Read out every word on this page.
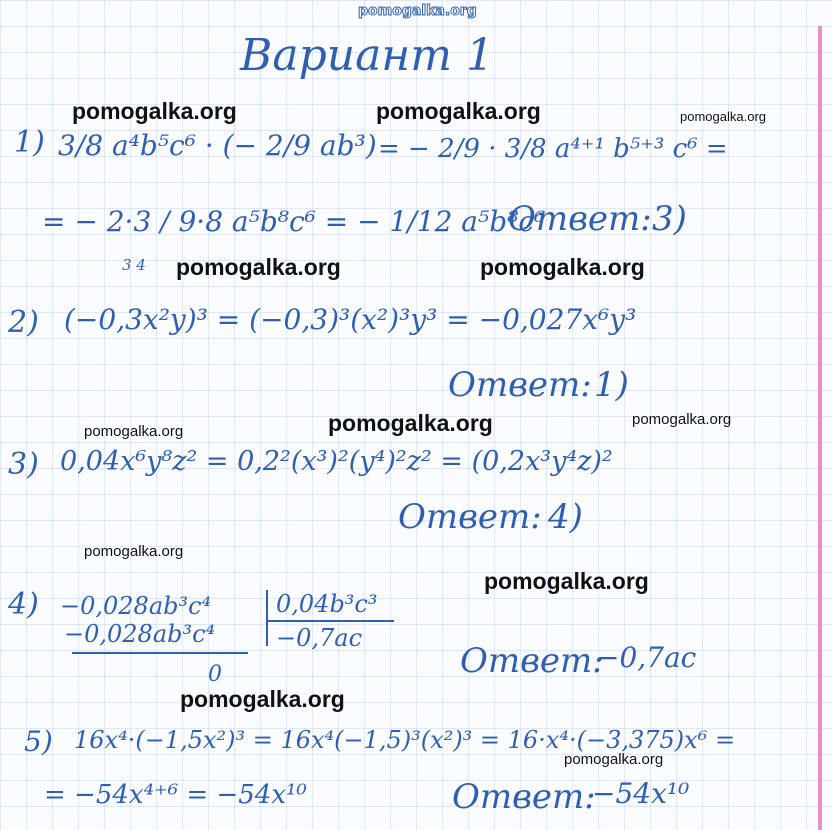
pomogalka.org
Вариант 1
1) 3/8 a⁴b⁵c⁶ · (− 2/9 ab³) = − 2/9 · 3/8 a⁴⁺¹ b⁵⁺³ c⁶ =
= − 2·3 / 9·8 a⁵b⁸c⁶ = − 1/12 a⁵b⁸c⁶
3 4
Ответ: 3)
2) (−0,3x²y)³ = (−0,3)³(x²)³y³ = −0,027x⁶y³
Ответ: 1)
3) 0,04x⁶y⁸z² = 0,2²(x³)²(y⁴)²z² = (0,2x³y⁴z)²
Ответ: 4)
4) −0,028ab³c⁴
−0,028ab³c⁴
0
0,04b³c³
−0,7ac
Ответ:
−0,7ac
5) 16x⁴·(−1,5x²)³ = 16x⁴(−1,5)³(x²)³ = 16·x⁴·(−3,375)x⁶ =
= −54x⁴⁺⁶ = −54x¹⁰	Ответ:
−54x¹⁰
pomogalka.org	pomogalka.org	pomogalka.org
pomogalka.org	pomogalka.org
pomogalka.org	pomogalka.org
pomogalka.org
pomogalka.org
pomogalka.org
pomogalka.org
pomogalka.org
